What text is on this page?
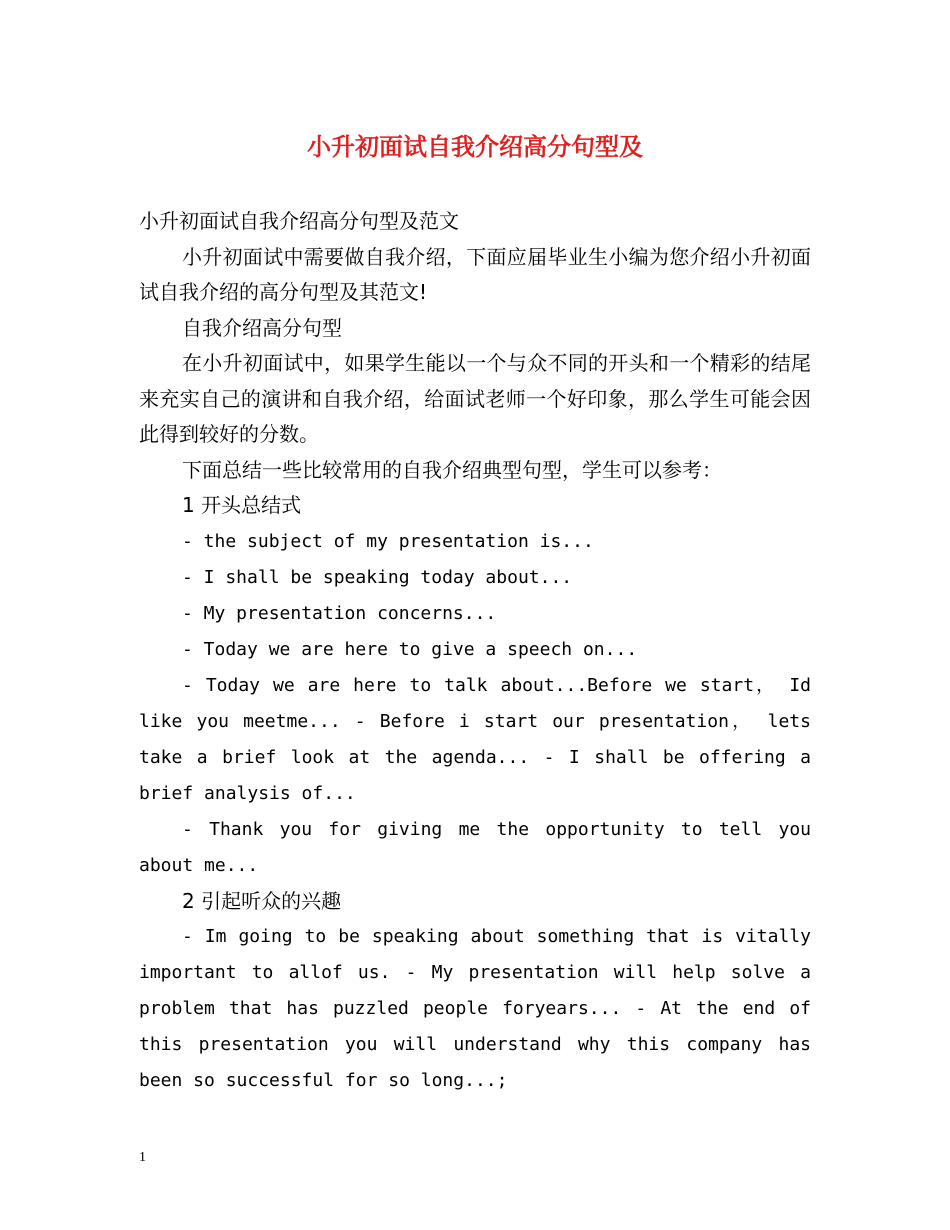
小升初面试自我介绍高分句型及

小升初面试自我介绍高分句型及范文

小升初面试中需要做自我介绍，下面应届毕业生小编为您介绍小升初面试自我介绍的高分句型及其范文!

自我介绍高分句型

在小升初面试中，如果学生能以一个与众不同的开头和一个精彩的结尾来充实自己的演讲和自我介绍，给面试老师一个好印象，那么学生可能会因此得到较好的分数。

下面总结一些比较常用的自我介绍典型句型，学生可以参考：

1 开头总结式

- the subject of my presentation is...

- I shall be speaking today about...

- My presentation concerns...

- Today we are here to give a speech on...

- Today we are here to talk about...Before we start， Id like you meetme... - Before i start our presentation， lets take a brief look at the agenda... - I shall be offering a brief analysis of...

- Thank you for giving me the opportunity to tell you about me...

2 引起听众的兴趣

- Im going to be speaking about something that is vitally important to allof us. - My presentation will help solve a problem that has puzzled people foryears... - At the end of this presentation you will understand why this company has been so successful for so long...;

1
